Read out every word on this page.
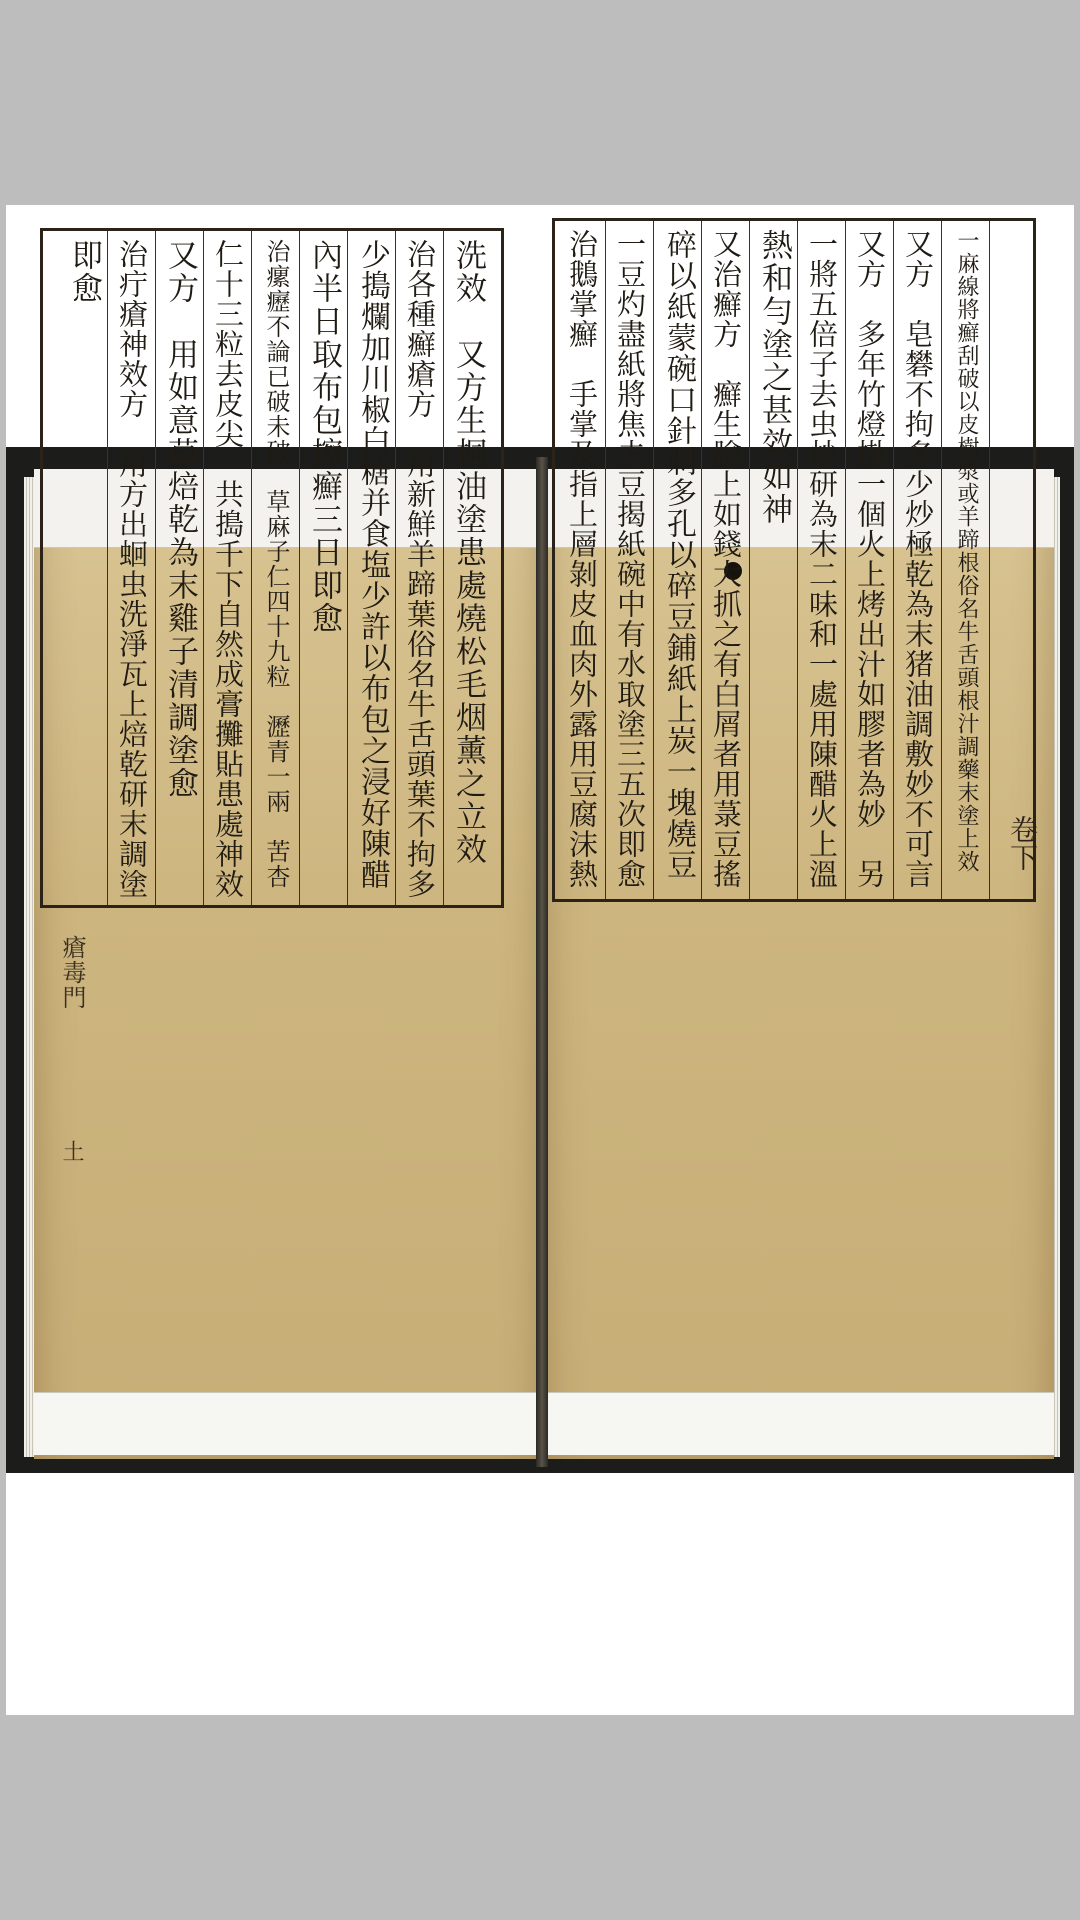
洗效　又方生桐油塗患處燒松毛烟薰之立效
治各種癬瘡方　用新鮮羊蹄葉俗名牛舌頭葉不拘多
少搗爛加川椒白糖并食塩少許以布包之浸好陳醋
內半日取布包擦癬三日即愈
治瘰癧不論已破未破　草麻子仁四十九粒　瀝青一兩　苦杏
仁十三粒去皮尖　共搗千下自然成膏攤貼患處神效
又方　用如意草焙乾為末雞子清調塗愈
治疔瘡神效方　用方出蛔虫洗淨瓦上焙乾研末調塗
即愈
瘡毒門
土
一麻線將癬刮破以皮樹漿或羊蹄根俗名牛舌頭根汁調藥末塗上效
又方　皂礬不拘多少炒極乾為末猪油調敷妙不可言
又方　多年竹燈掛一個火上烤出汁如膠者為妙　另
一將五倍子去虫炒研為末二味和一處用陳醋火上溫
熱和勻塗之甚效如神
又治癬方　癬生臉上如錢大抓之有白屑者用菉豆搖
碎以紙蒙碗口針刺多孔以碎豆鋪紙上炭一塊燒豆
一豆灼盡紙將焦去豆揭紙碗中有水取塗三五次即愈
治鵝掌癬　手掌及指上層剝皮血肉外露用豆腐沫熱	卷下
